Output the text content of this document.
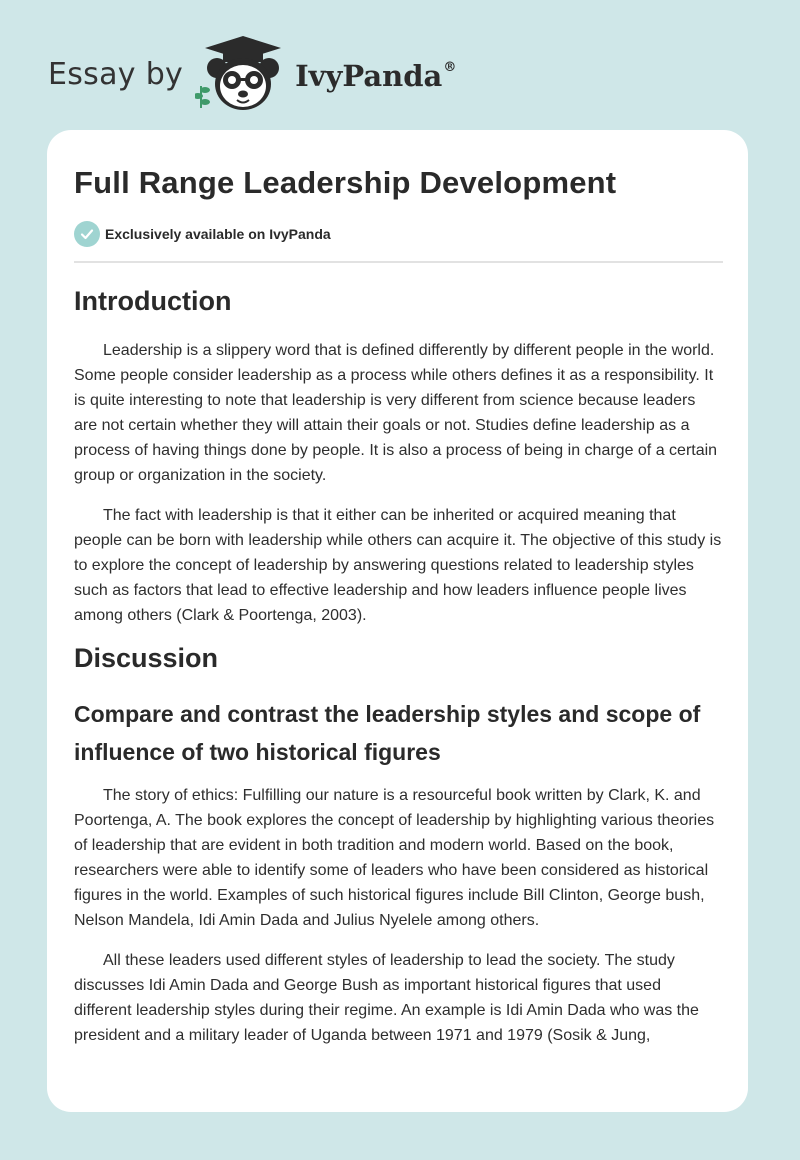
Essay by	IvyPanda®
Full Range Leadership Development
Exclusively available on IvyPanda
Introduction

Leadership is a slippery word that is defined differently by different people in the world. Some people consider leadership as a process while others defines it as a responsibility. It is quite interesting to note that leadership is very different from science because leaders are not certain whether they will attain their goals or not. Studies define leadership as a process of having things done by people. It is also a process of being in charge of a certain group or organization in the society.

The fact with leadership is that it either can be inherited or acquired meaning that people can be born with leadership while others can acquire it. The objective of this study is to explore the concept of leadership by answering questions related to leadership styles such as factors that lead to effective leadership and how leaders influence people lives among others (Clark & Poortenga, 2003).

Discussion
Compare and contrast the leadership styles and scope of influence of two historical figures

The story of ethics: Fulfilling our nature is a resourceful book written by Clark, K. and Poortenga, A. The book explores the concept of leadership by highlighting various theories of leadership that are evident in both tradition and modern world. Based on the book, researchers were able to identify some of leaders who have been considered as historical figures in the world. Examples of such historical figures include Bill Clinton, George bush, Nelson Mandela, Idi Amin Dada and Julius Nyelele among others.

All these leaders used different styles of leadership to lead the society. The study discusses Idi Amin Dada and George Bush as important historical figures that used different leadership styles during their regime. An example is Idi Amin Dada who was the president and a military leader of Uganda between 1971 and 1979 (Sosik & Jung,
